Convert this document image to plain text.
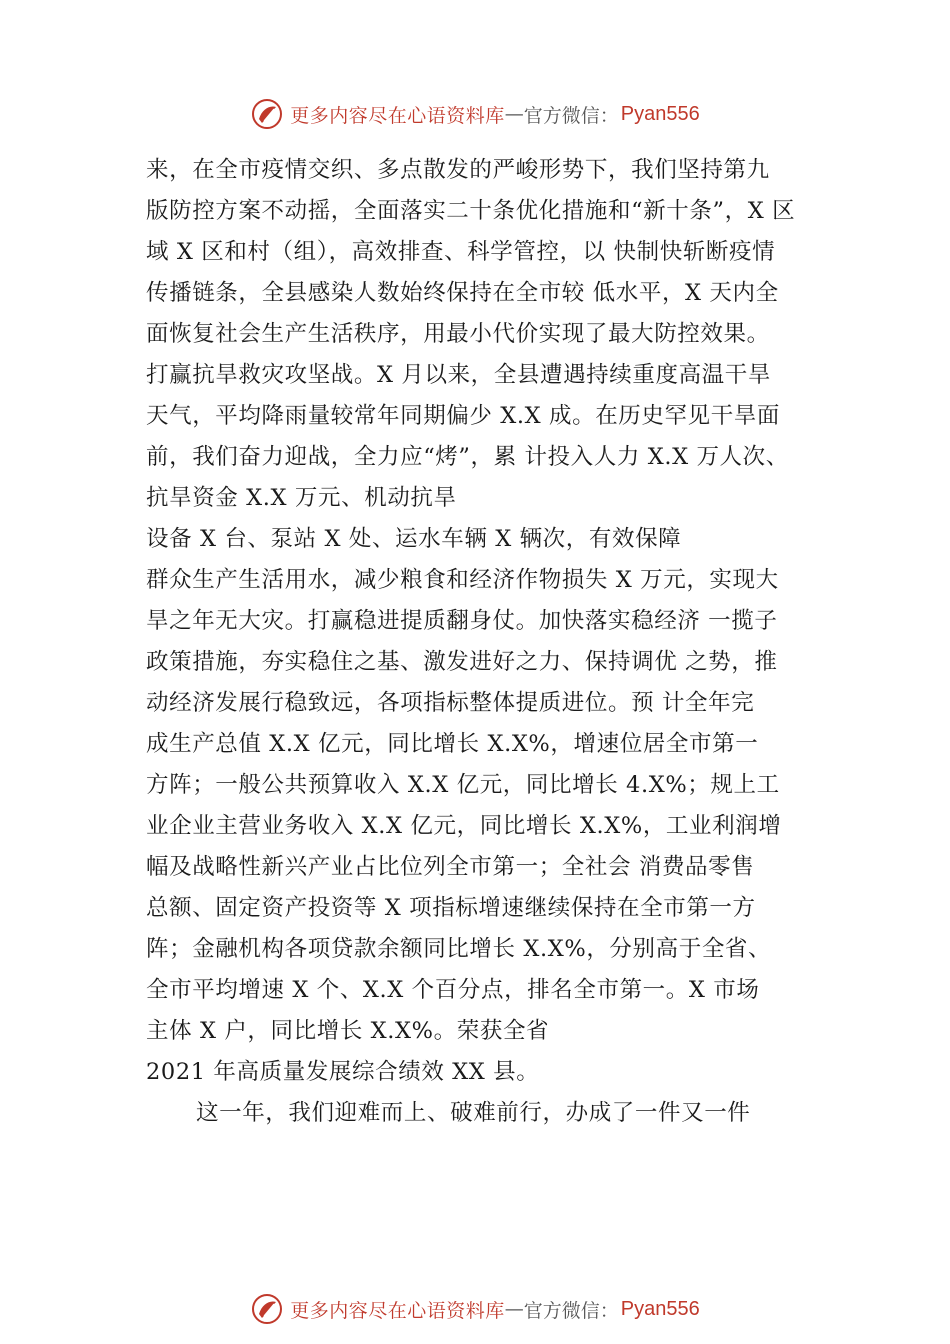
更多内容尽在心语资料库 — 官方微信： Pyan556
来，在全市疫情交织、多点散发的严峻形势下，我们坚持第九
版防控方案不动摇，全面落实二十条优化措施和“新十条”，X 区
域 X 区和村（组），高效排查、科学管控，以 快制快斩断疫情
传播链条，全县感染人数始终保持在全市较 低水平，X 天内全
面恢复社会生产生活秩序，用最小代价实现了最大防控效果。
打赢抗旱救灾攻坚战。X 月以来，全县遭遇持续重度高温干旱
天气，平均降雨量较常年同期偏少 X.X 成。在历史罕见干旱面
前，我们奋力迎战，全力应“烤”，累 计投入人力 X.X 万人次、
抗旱资金 X.X 万元、机动抗旱
设备 X 台、泵站 X 处、运水车辆 X 辆次，有效保障
群众生产生活用水，减少粮食和经济作物损失 X 万元，实现大
旱之年无大灾。打赢稳进提质翻身仗。加快落实稳经济 一揽子
政策措施，夯实稳住之基、激发进好之力、保持调优 之势，推
动经济发展行稳致远，各项指标整体提质进位。预 计全年完
成生产总值 X.X 亿元，同比增长 X.X%，增速位居全市第一
方阵；一般公共预算收入 X.X 亿元，同比增长 4.X%；规上工
业企业主营业务收入 X.X 亿元，同比增长 X.X%，工业利润增
幅及战略性新兴产业占比位列全市第一；全社会 消费品零售
总额、固定资产投资等 X 项指标增速继续保持在全市第一方
阵；金融机构各项贷款余额同比增长 X.X%，分别高于全省、
全市平均增速 X 个、X.X 个百分点，排名全市第一。X 市场
主体 X 户，同比增长 X.X%。荣获全省
2021 年高质量发展综合绩效 XX 县。
这一年，我们迎难而上、破难前行，办成了一件又一件
更多内容尽在心语资料库 — 官方微信： Pyan556
